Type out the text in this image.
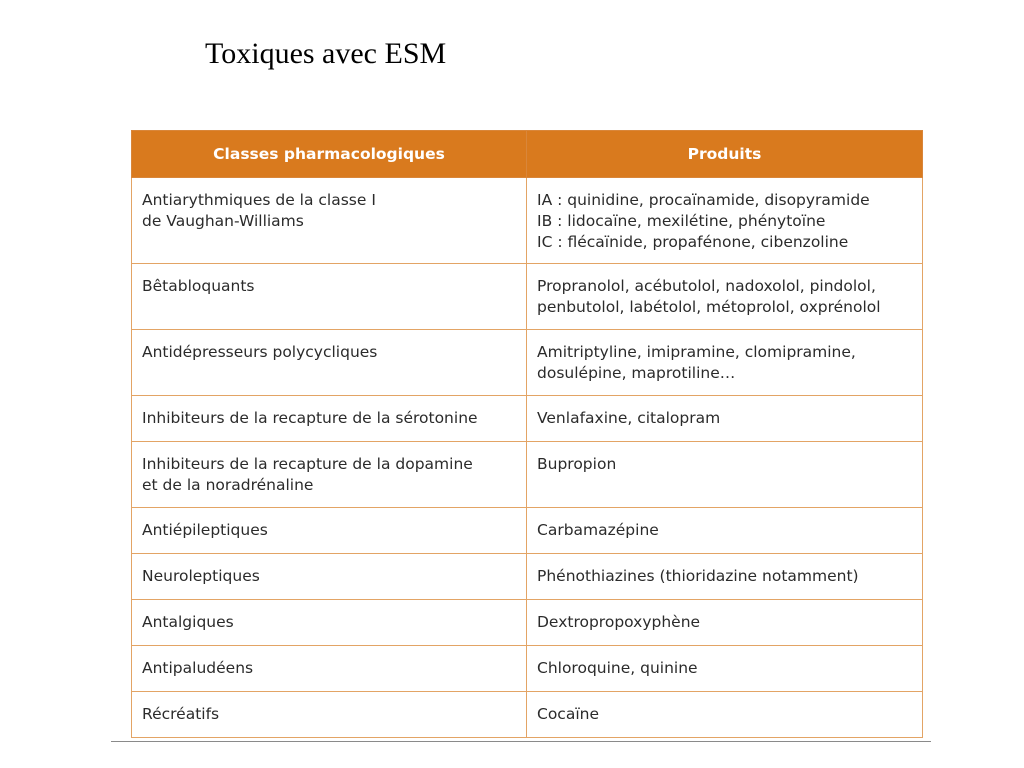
Toxiques avec ESM
Classes pharmacologiques	Produits

Antiarythmiques de la classe I
de Vaughan-Williams	IA : quinidine, procaïnamide, disopyramide
IB : lidocaïne, mexilétine, phénytoïne
IC : flécaïnide, propafénone, cibenzoline

Bêtabloquants	Propranolol, acébutolol, nadoxolol, pindolol,
penbutolol, labétolol, métoprolol, oxprénolol

Antidépresseurs polycycliques	Amitriptyline, imipramine, clomipramine,
dosulépine, maprotiline…

Inhibiteurs de la recapture de la sérotonine	Venlafaxine, citalopram

Inhibiteurs de la recapture de la dopamine
et de la noradrénaline	Bupropion

Antiépileptiques	Carbamazépine

Neuroleptiques	Phénothiazines (thioridazine notamment)

Antalgiques	Dextropropoxyphène

Antipaludéens	Chloroquine, quinine

Récréatifs	Cocaïne
